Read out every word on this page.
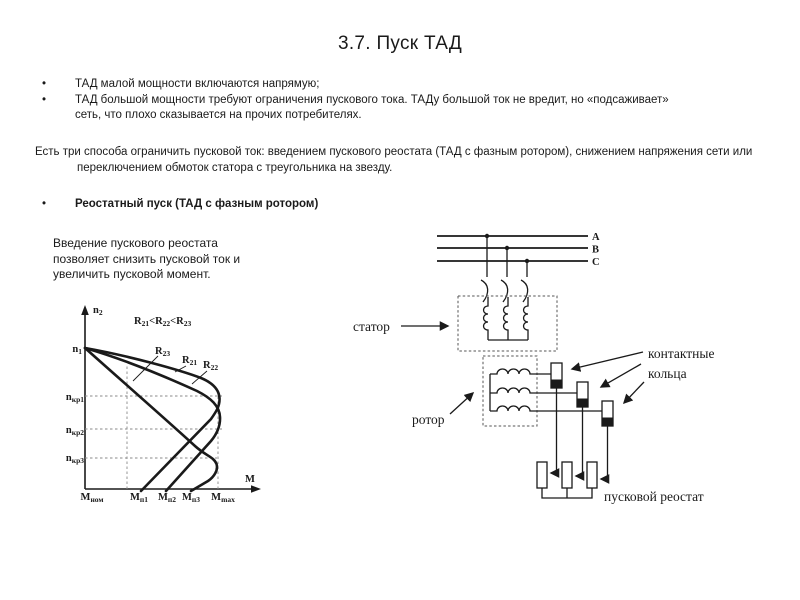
3.7. Пуск ТАД
• ТАД малой мощности включаются напрямую;
• ТАД большой мощности требуют ограничения пускового тока. ТАДу большой ток не вредит, но «подсаживает» сеть, что плохо сказывается на прочих потребителях.
Есть три способа ограничить пусковой ток: введением пускового реостата (ТАД с фазным ротором), снижением напряжения сети или переключением обмоток статора с треугольника на звезду.
• Реостатный пуск (ТАД с фазным ротором)
Введение пускового реостата позволяет снизить пусковой ток и увеличить пусковой момент.
n2
R21<R22<R23
n1
nкр1
nкр2
nкр3
Мном	Мп1 Мп2 Мп3 Мmax
М
R23
R21 R22
A
B
C
статор
ротор
контактные
кольца
пусковой реостат
